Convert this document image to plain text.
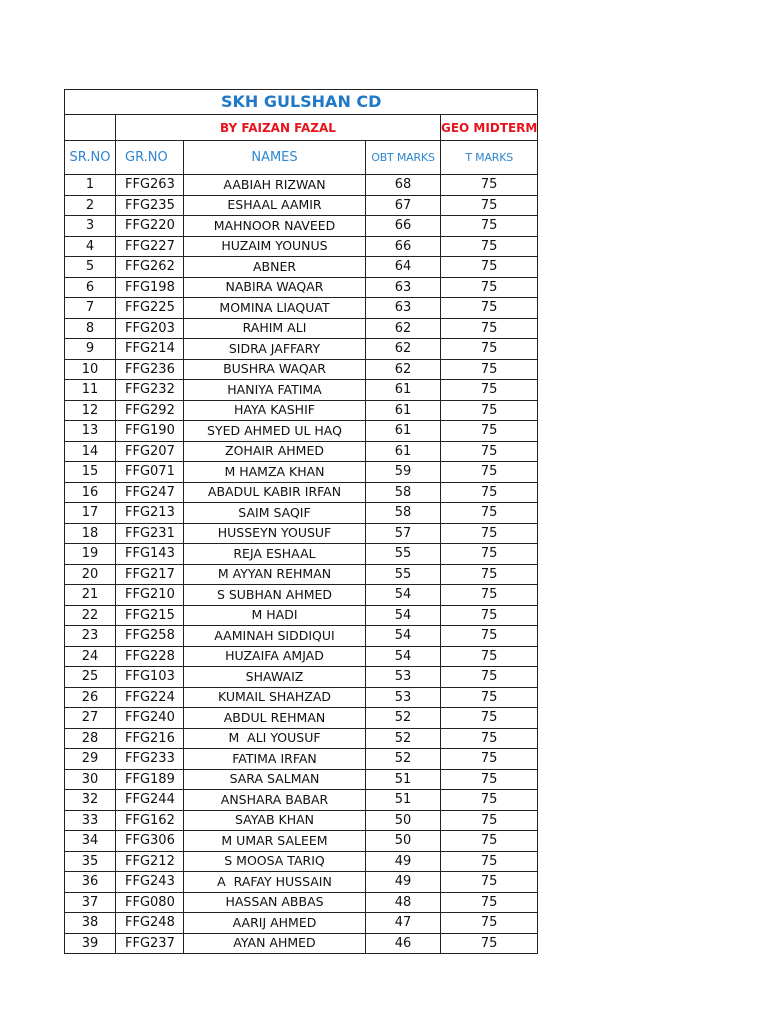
SKH GULSHAN CD				
	BY FAIZAN FAZAL			GEO MIDTERM
SR.NO	GR.NO	NAMES	OBT MARKS	T MARKS
1	FFG263	AABIAH RIZWAN	68	75
2	FFG235	ESHAAL AAMIR	67	75
3	FFG220	MAHNOOR NAVEED	66	75
4	FFG227	HUZAIM YOUNUS	66	75
5	FFG262	ABNER	64	75
6	FFG198	NABIRA WAQAR	63	75
7	FFG225	MOMINA LIAQUAT	63	75
8	FFG203	RAHIM ALI	62	75
9	FFG214	SIDRA JAFFARY	62	75
10	FFG236	BUSHRA WAQAR	62	75
11	FFG232	HANIYA FATIMA	61	75
12	FFG292	HAYA KASHIF	61	75
13	FFG190	SYED AHMED UL HAQ	61	75
14	FFG207	ZOHAIR AHMED	61	75
15	FFG071	M HAMZA KHAN	59	75
16	FFG247	ABADUL KABIR IRFAN	58	75
17	FFG213	SAIM SAQIF	58	75
18	FFG231	HUSSEYN YOUSUF	57	75
19	FFG143	REJA ESHAAL	55	75
20	FFG217	M AYYAN REHMAN	55	75
21	FFG210	S SUBHAN AHMED	54	75
22	FFG215	M HADI	54	75
23	FFG258	AAMINAH SIDDIQUI	54	75
24	FFG228	HUZAIFA AMJAD	54	75
25	FFG103	SHAWAIZ	53	75
26	FFG224	KUMAIL SHAHZAD	53	75
27	FFG240	ABDUL REHMAN	52	75
28	FFG216	M  ALI YOUSUF	52	75
29	FFG233	FATIMA IRFAN	52	75
30	FFG189	SARA SALMAN	51	75
32	FFG244	ANSHARA BABAR	51	75
33	FFG162	SAYAB KHAN	50	75
34	FFG306	M UMAR SALEEM	50	75
35	FFG212	S MOOSA TARIQ	49	75
36	FFG243	A  RAFAY HUSSAIN	49	75
37	FFG080	HASSAN ABBAS	48	75
38	FFG248	AARIJ AHMED	47	75
39	FFG237	AYAN AHMED	46	75
